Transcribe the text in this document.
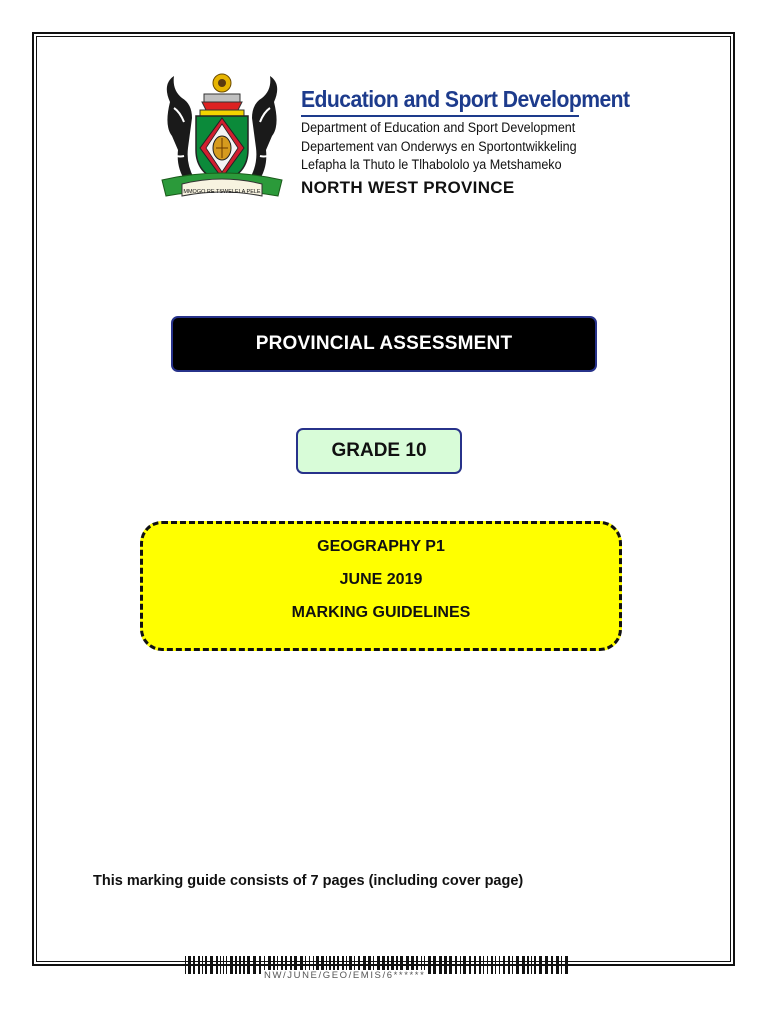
MMOGO RE TSWELELA PELE
Education and Sport Development
Department of Education and Sport Development
Departement van Onderwys en Sportontwikkeling
Lefapha la Thuto le Tlhabololo ya Metshameko
NORTH WEST PROVINCE
PROVINCIAL ASSESSMENT
GRADE 10
GEOGRAPHY P1
JUNE 2019
MARKING GUIDELINES
This marking guide consists of 7 pages (including cover page)
NW/JUNE/GEO/EMIS/6******
